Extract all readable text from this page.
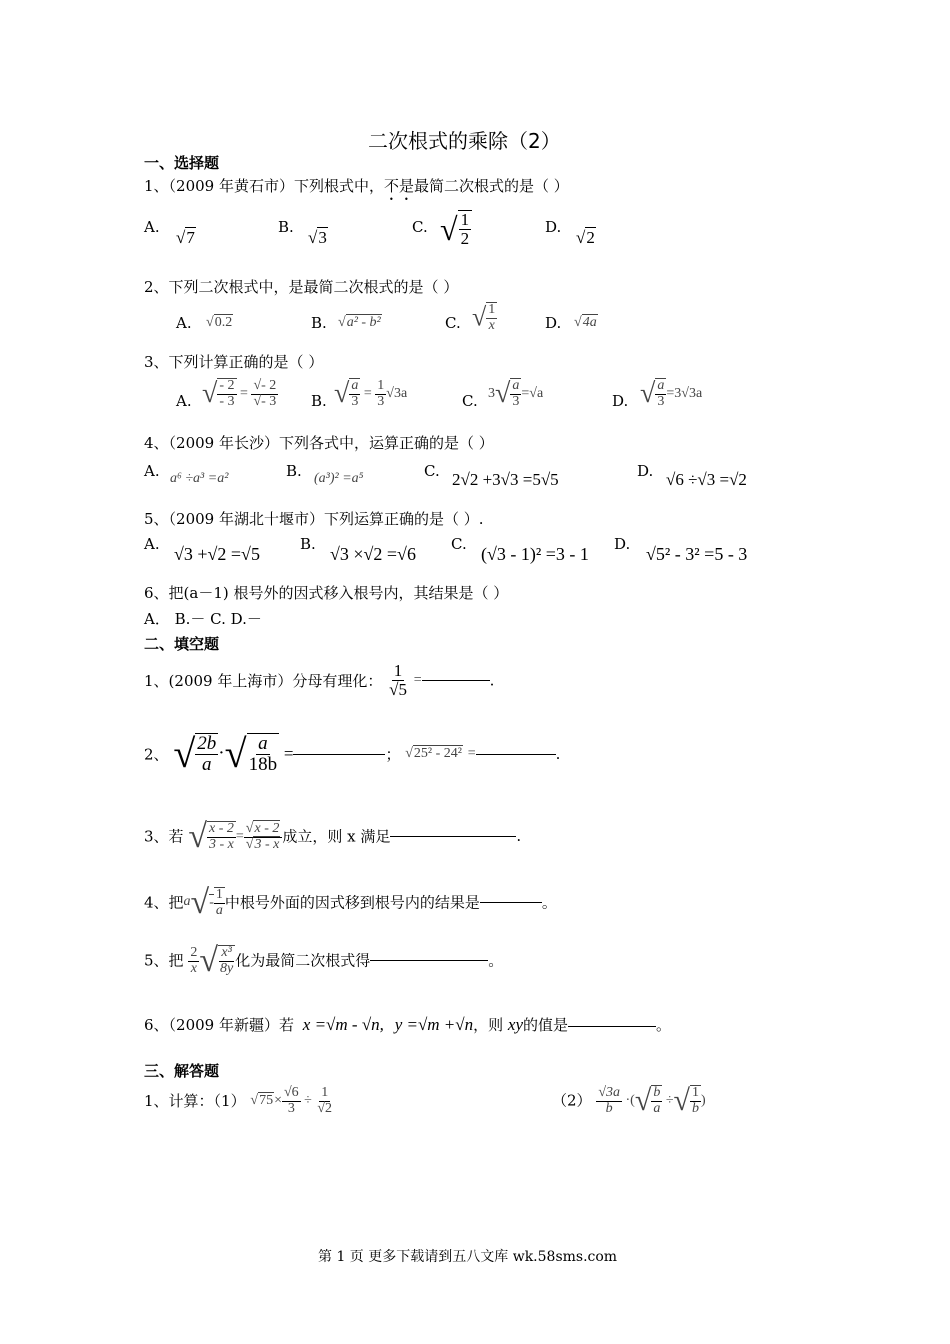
二次根式的乘除（2）
一、选择题
1、（2009 年黄石市）下列根式中，不是最简二次根式的是（ ）
A.
√7
B.
√3
C. √ $\frac{1}{2}$	D.
√2
2、下列二次根式中，是最简二次根式的是（ ）
A. √0.2	B. √a² - b²	C. √ $\frac{1}{x}$	D. √4a
3、下列计算正确的是（ ）
A. √ $\frac{- 2}{- 3} = \frac{√- 2}{√- 3} B$. √ $\frac{a}{3} = \frac{1}{3} √3a$	C. $3√ \frac{a}{3} =√a$	D. √ $\frac{a}{3} =3√3a$
4、（2009 年长沙）下列各式中，运算正确的是（ ）
A. a⁶ ÷a³ =a²	B. (a³)² =a⁵	C. 2√2 +3√3 =5√5	D. √6 ÷√3 =√2
5、（2009 年湖北十堰市）下列运算正确的是（ ）.
A. √3 +√2 =√5	B. √3 ×√2 =√6 C. (√3 - 1)² =3 - 1 D. √5² - 3² =5 - 3
6、把(a－1) 根号外的因式移入根号内，其结果是（ ）
A． B.－ C. D.－
二、填空题
1、(2009 年上海市）分母有理化： $\frac{1}{√5}$ =	.
2、 √ $\frac{2b}{a}$ ·√ $\frac{a}{18b}$ =	； √25² - 24² =	.
3、若 √ $\frac{x - 2}{3 - x} = \frac{√x - 2}{√3 - x}$ 成立，则 x 满足	.
4、把$a√- \frac{1}{a}$ 中根号外面的因式移到根号内的结果是	。
5、把 $\frac{2}{x}$ √ $\frac{\text{x³}}{8y}$ 化为最简二次根式得	。
6、（2009 年新疆）若 x =√m - √n, y =√m +√n，则 xy的值是	。
三、解答题
1、计算：（1） $√75\times \frac{√6}{3} \div \frac{1}{√2}$	$(2) \frac{√3a}{b}$ ·(√ $\frac{b}{a}$ ÷√ $\frac{1}{b}$ )
第 1 页 更多下载请到五八文库 wk.58sms.com
